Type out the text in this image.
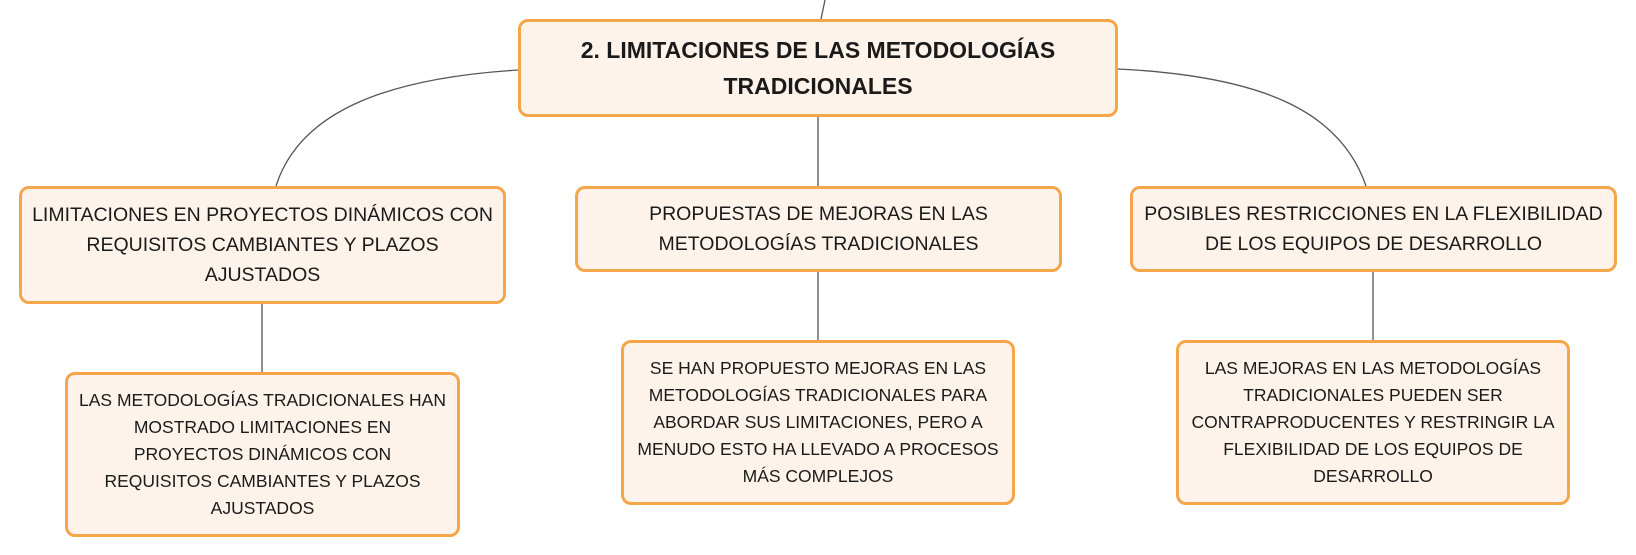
2. LIMITACIONES DE LAS METODOLOGÍAS TRADICIONALES
LIMITACIONES EN PROYECTOS DINÁMICOS CON REQUISITOS CAMBIANTES Y PLAZOS AJUSTADOS
PROPUESTAS DE MEJORAS EN LAS METODOLOGÍAS TRADICIONALES
POSIBLES RESTRICCIONES EN LA FLEXIBILIDAD DE LOS EQUIPOS DE DESARROLLO
LAS METODOLOGÍAS TRADICIONALES HAN MOSTRADO LIMITACIONES EN PROYECTOS DINÁMICOS CON REQUISITOS CAMBIANTES Y PLAZOS AJUSTADOS
SE HAN PROPUESTO MEJORAS EN LAS METODOLOGÍAS TRADICIONALES PARA ABORDAR SUS LIMITACIONES, PERO A MENUDO ESTO HA LLEVADO A PROCESOS MÁS COMPLEJOS
LAS MEJORAS EN LAS METODOLOGÍAS TRADICIONALES PUEDEN SER CONTRAPRODUCENTES Y RESTRINGIR LA FLEXIBILIDAD DE LOS EQUIPOS DE DESARROLLO
